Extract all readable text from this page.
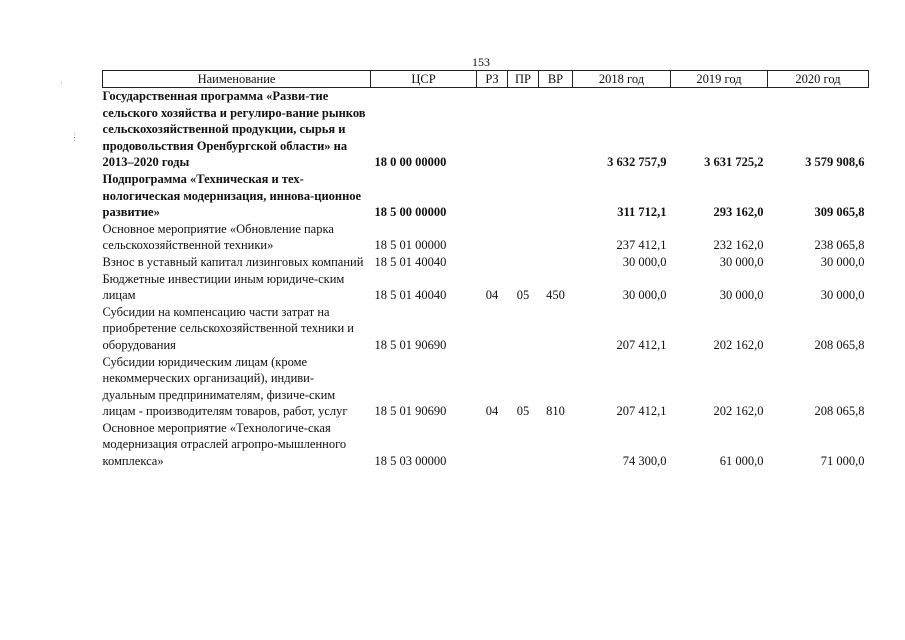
153
·
⋮
Наименование	ЦСР	РЗ	ПР	ВР	2018 год	2019 год	2020 год
Государственная программа «Разви-тие сельского хозяйства и регулиро-вание рынков сельскохозяйственной продукции, сырья и продовольствия Оренбургской области» на 2013–2020 годы	18 0 00 00000				3 632 757,9	3 631 725,2	3 579 908,6
Подпрограмма «Техническая и тех-нологическая модернизация, иннова-ционное развитие»	18 5 00 00000				311 712,1	293 162,0	309 065,8
Основное мероприятие «Обновление парка сельскохозяйственной техники»	18 5 01 00000				237 412,1	232 162,0	238 065,8
Взнос в уставный капитал лизинговых компаний	18 5 01 40040				30 000,0	30 000,0	30 000,0
Бюджетные инвестиции иным юридиче-ским лицам	18 5 01 40040	04	05	450	30 000,0	30 000,0	30 000,0
Субсидии на компенсацию части затрат на приобретение сельскохозяйственной техники и оборудования	18 5 01 90690				207 412,1	202 162,0	208 065,8
Субсидии юридическим лицам (кроме некоммерческих организаций), индиви-дуальным предпринимателям, физиче-ским лицам - производителям товаров, работ, услуг	18 5 01 90690	04	05	810	207 412,1	202 162,0	208 065,8
Основное мероприятие «Технологиче-ская модернизация отраслей агропро-мышленного комплекса»	18 5 03 00000				74 300,0	61 000,0	71 000,0
